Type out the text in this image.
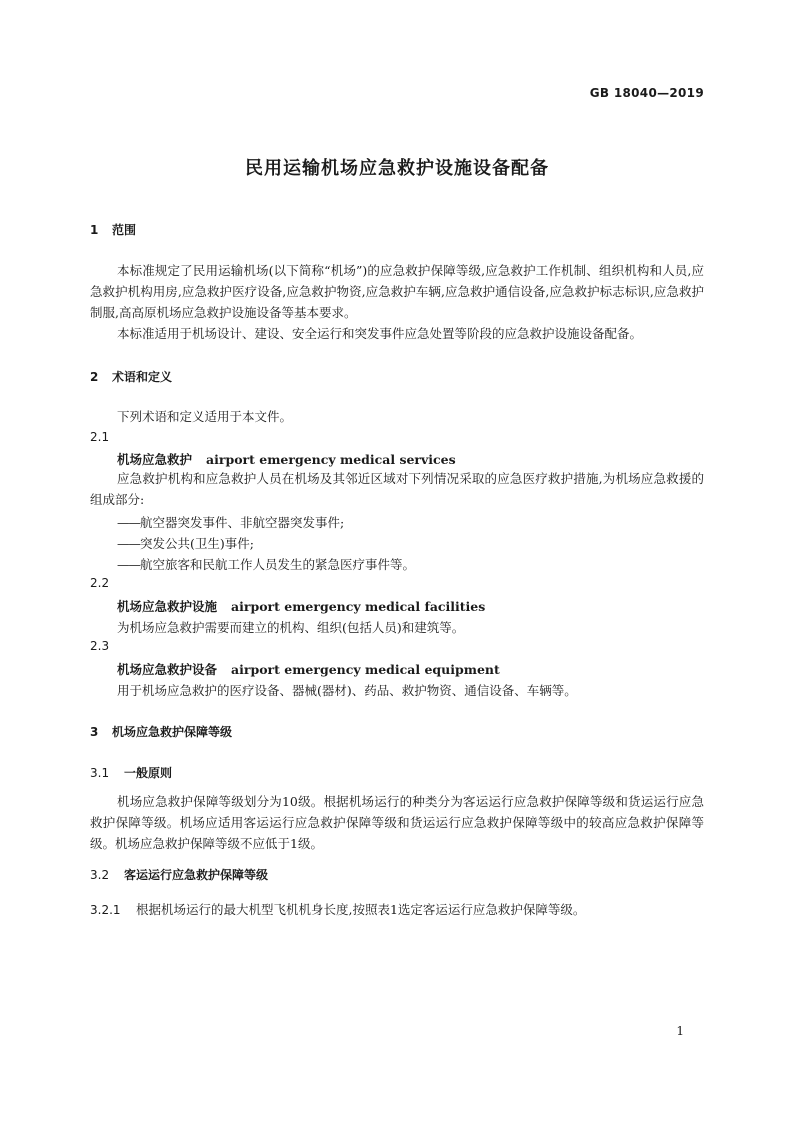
GB 18040—2019
民用运输机场应急救护设施设备配备
1 范围
本标准规定了民用运输机场(以下简称“机场”)的应急救护保障等级,应急救护工作机制、组织机构和人员,应急救护机构用房,应急救护医疗设备,应急救护物资,应急救护车辆,应急救护通信设备,应急救护标志标识,应急救护制服,高高原机场应急救护设施设备等基本要求。
本标准适用于机场设计、建设、安全运行和突发事件应急处置等阶段的应急救护设施设备配备。
2 术语和定义
下列术语和定义适用于本文件。
2.1
机场应急救护 airport emergency medical services
应急救护机构和应急救护人员在机场及其邻近区域对下列情况采取的应急医疗救护措施,为机场应急救援的组成部分:
——航空器突发事件、非航空器突发事件;
——突发公共(卫生)事件;
——航空旅客和民航工作人员发生的紧急医疗事件等。
2.2
机场应急救护设施 airport emergency medical facilities
为机场应急救护需要而建立的机构、组织(包括人员)和建筑等。
2.3
机场应急救护设备 airport emergency medical equipment
用于机场应急救护的医疗设备、器械(器材)、药品、救护物资、通信设备、车辆等。
3 机场应急救护保障等级
3.1 一般原则
机场应急救护保障等级划分为10级。根据机场运行的种类分为客运运行应急救护保障等级和货运运行应急救护保障等级。机场应适用客运运行应急救护保障等级和货运运行应急救护保障等级中的较高应急救护保障等级。机场应急救护保障等级不应低于1级。
3.2 客运运行应急救护保障等级
3.2.1 根据机场运行的最大机型飞机机身长度,按照表1选定客运运行应急救护保障等级。
1
